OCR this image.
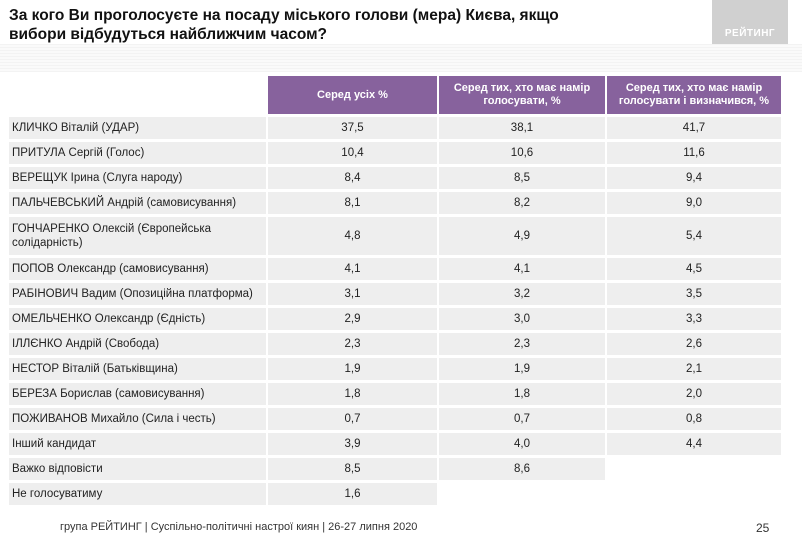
За кого Ви проголосуєте на посаду міського голови (мера) Києва, якщо вибори відбудуться найближчим часом?	РЕЙТИНГ
	Серед усіх %	Серед тих, хто має намір голосувати, %	Серед тих, хто має намір голосувати і визначився, %
КЛИЧКО Віталій (УДАР)	37,5	38,1	41,7
ПРИТУЛА Сергій (Голос)	10,4	10,6	11,6
ВЕРЕЩУК Ірина (Слуга народу)	8,4	8,5	9,4
ПАЛЬЧЕВСЬКИЙ Андрій (самовисування)	8,1	8,2	9,0
ГОНЧАРЕНКО Олексій (Європейська солідарність)	4,8	4,9	5,4
ПОПОВ Олександр (самовисування)	4,1	4,1	4,5
РАБІНОВИЧ Вадим (Опозиційна платформа)	3,1	3,2	3,5
ОМЕЛЬЧЕНКО Олександр (Єдність)	2,9	3,0	3,3
ІЛЛЄНКО Андрій (Свобода)	2,3	2,3	2,6
НЕСТОР Віталій (Батьківщина)	1,9	1,9	2,1
БЕРЕЗА Борислав (самовисування)	1,8	1,8	2,0
ПОЖИВАНОВ Михайло (Сила і честь)	0,7	0,7	0,8
Інший кандидат	3,9	4,0	4,4
Важко відповісти	8,5	8,6	
Не голосуватиму	1,6		
група РЕЙТИНГ | Суспільно-політичні настрої киян | 26-27 липня 2020	25
